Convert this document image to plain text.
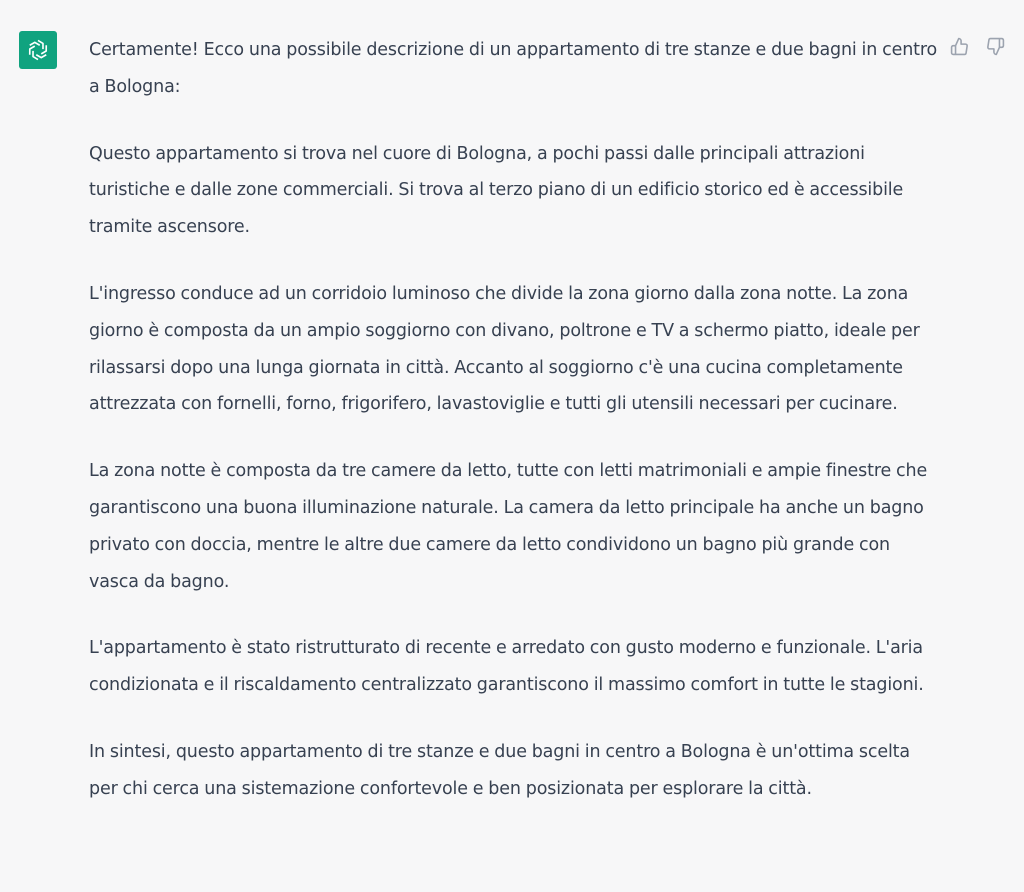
Certamente! Ecco una possibile descrizione di un appartamento di tre stanze e due bagni in centro a Bologna:

Questo appartamento si trova nel cuore di Bologna, a pochi passi dalle principali attrazioni turistiche e dalle zone commerciali. Si trova al terzo piano di un edificio storico ed è accessibile tramite ascensore.

L'ingresso conduce ad un corridoio luminoso che divide la zona giorno dalla zona notte. La zona giorno è composta da un ampio soggiorno con divano, poltrone e TV a schermo piatto, ideale per rilassarsi dopo una lunga giornata in città. Accanto al soggiorno c'è una cucina completamente attrezzata con fornelli, forno, frigorifero, lavastoviglie e tutti gli utensili necessari per cucinare.

La zona notte è composta da tre camere da letto, tutte con letti matrimoniali e ampie finestre che garantiscono una buona illuminazione naturale. La camera da letto principale ha anche un bagno privato con doccia, mentre le altre due camere da letto condividono un bagno più grande con vasca da bagno.

L'appartamento è stato ristrutturato di recente e arredato con gusto moderno e funzionale. L'aria condizionata e il riscaldamento centralizzato garantiscono il massimo comfort in tutte le stagioni.

In sintesi, questo appartamento di tre stanze e due bagni in centro a Bologna è un'ottima scelta per chi cerca una sistemazione confortevole e ben posizionata per esplorare la città.
